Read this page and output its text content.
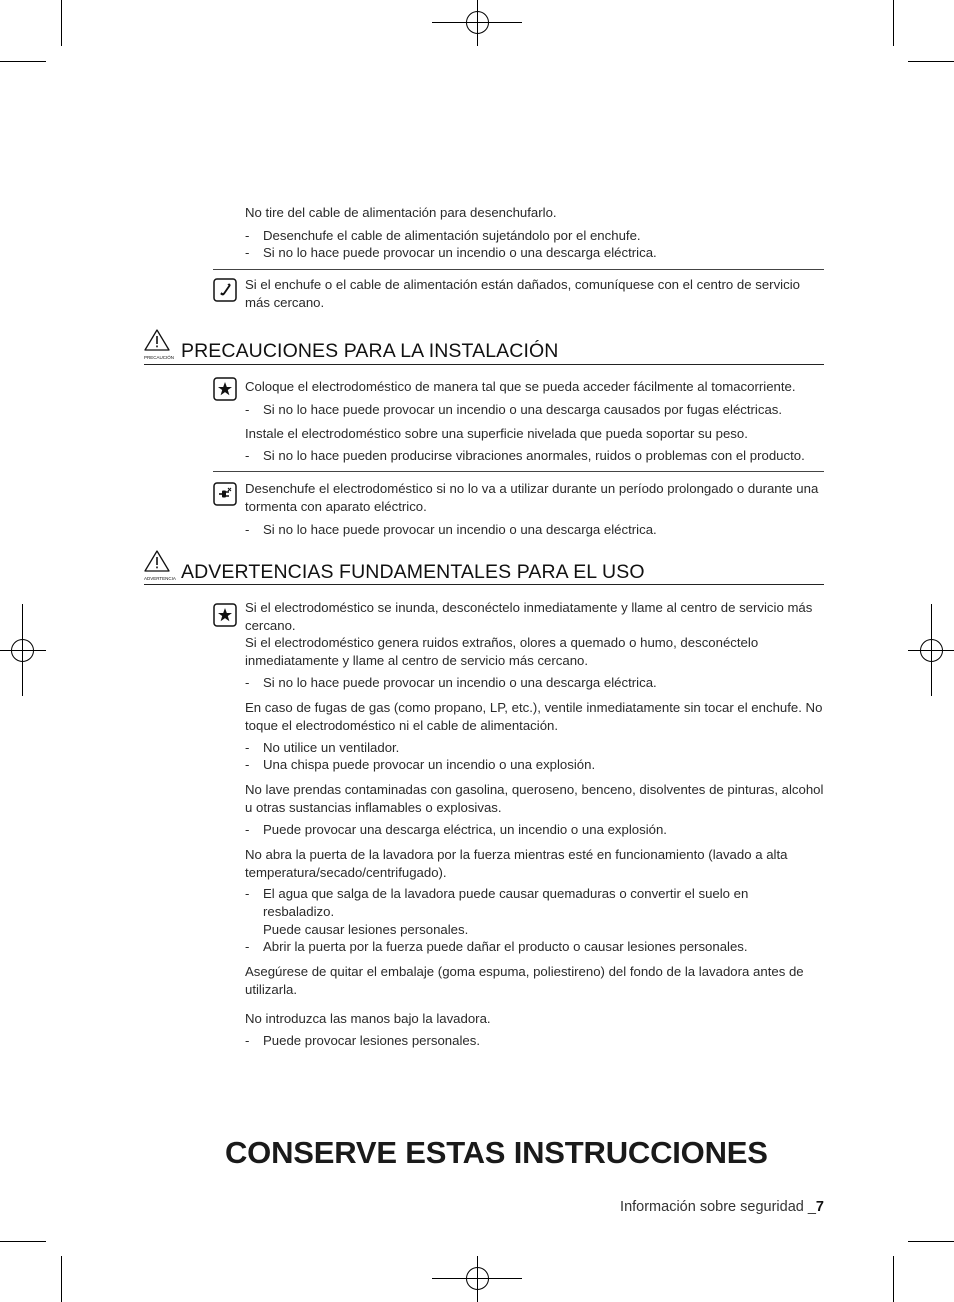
No tire del cable de alimentación para desenchufarlo.

- Desenchufe el cable de alimentación sujetándolo por el enchufe.
- Si no lo hace puede provocar un incendio o una descarga eléctrica.

Si el enchufe o el cable de alimentación están dañados, comuníquese con el centro de servicio más cercano.

PRECAUCIÓN PRECAUCIONES PARA LA INSTALACIÓN

Coloque el electrodoméstico de manera tal que se pueda acceder fácilmente al tomacorriente.

- Si no lo hace puede provocar un incendio o una descarga causados por fugas eléctricas.

Instale el electrodoméstico sobre una superficie nivelada que pueda soportar su peso.

- Si no lo hace pueden producirse vibraciones anormales, ruidos o problemas con el producto.

Desenchufe el electrodoméstico si no lo va a utilizar durante un período prolongado o durante una tormenta con aparato eléctrico.

- Si no lo hace puede provocar un incendio o una descarga eléctrica.
ADVERTENCIA ADVERTENCIAS FUNDAMENTALES PARA EL USO

Si el electrodoméstico se inunda, desconéctelo inmediatamente y llame al centro de servicio más cercano.

Si el electrodoméstico genera ruidos extraños, olores a quemado o humo, desconéctelo inmediatamente y llame al centro de servicio más cercano.

- Si no lo hace puede provocar un incendio o una descarga eléctrica.

En caso de fugas de gas (como propano, LP, etc.), ventile inmediatamente sin tocar el enchufe. No toque el electrodoméstico ni el cable de alimentación.

- No utilice un ventilador.
- Una chispa puede provocar un incendio o una explosión.

No lave prendas contaminadas con gasolina, queroseno, benceno, disolventes de pinturas, alcohol u otras sustancias inflamables o explosivas.

- Puede provocar una descarga eléctrica, un incendio o una explosión.

No abra la puerta de la lavadora por la fuerza mientras esté en funcionamiento (lavado a alta temperatura/secado/centrifugado).

- El agua que salga de la lavadora puede causar quemaduras o convertir el suelo en resbaladizo.
Puede causar lesiones personales.
- Abrir la puerta por la fuerza puede dañar el producto o causar lesiones personales.

Asegúrese de quitar el embalaje (goma espuma, poliestireno) del fondo de la lavadora antes de utilizarla.

No introduzca las manos bajo la lavadora.

- Puede provocar lesiones personales.
CONSERVE ESTAS INSTRUCCIONES
Información sobre seguridad _7
